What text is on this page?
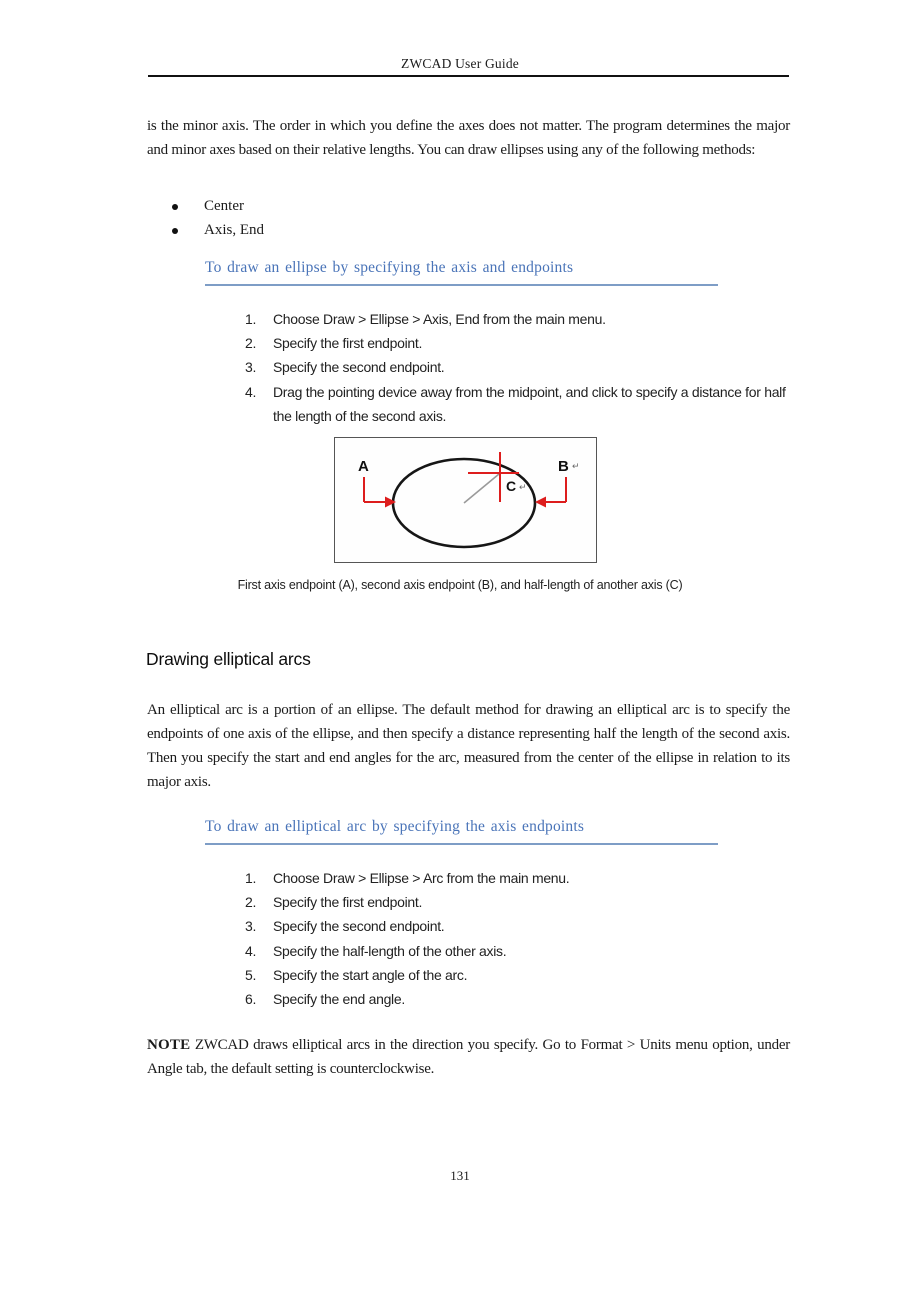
ZWCAD User Guide

is the minor axis. The order in which you define the axes does not matter. The program determines the major and minor axes based on their relative lengths. You can draw ellipses using any of the following methods:

Center
Axis, End
To draw an ellipse by specifying the axis and endpoints
Choose Draw > Ellipse > Axis, End from the main menu.
Specify the first endpoint.
Specify the second endpoint.
Drag the pointing device away from the midpoint, and click to specify a distance for half the length of the second axis.
A	B ↵
C ↵
First axis endpoint (A), second axis endpoint (B), and half-length of another axis (C)
Drawing elliptical arcs

An elliptical arc is a portion of an ellipse. The default method for drawing an elliptical arc is to specify the endpoints of one axis of the ellipse, and then specify a distance representing half the length of the second axis. Then you specify the start and end angles for the arc, measured from the center of the ellipse in relation to its major axis.

To draw an elliptical arc by specifying the axis endpoints
Choose Draw > Ellipse > Arc from the main menu.
Specify the first endpoint.
Specify the second endpoint.
Specify the half-length of the other axis.
Specify the start angle of the arc.
Specify the end angle.

NOTE ZWCAD draws elliptical arcs in the direction you specify. Go to Format > Units menu option, under Angle tab, the default setting is counterclockwise.

131
